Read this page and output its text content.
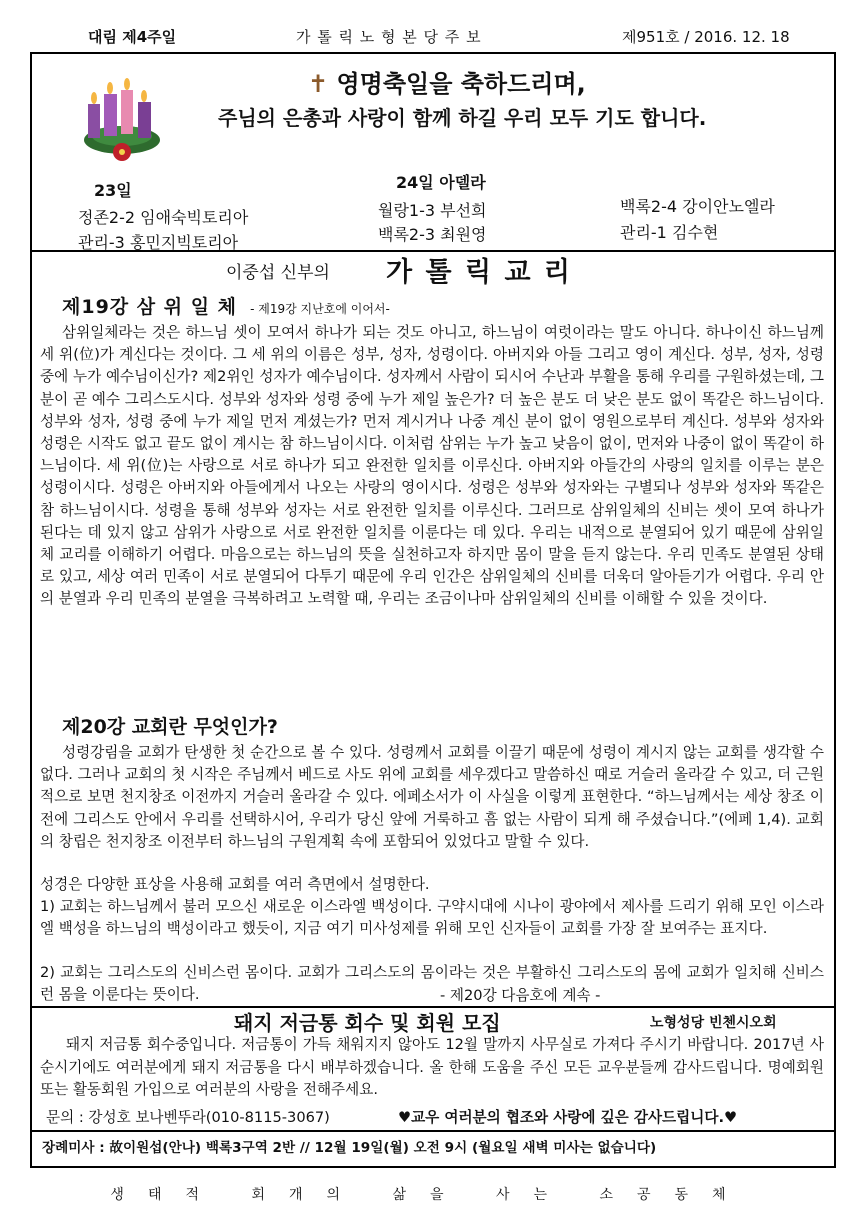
대림 제4주일	가 톨 릭 노 형 본 당 주 보	제951호 / 2016. 12. 18
✝ 영명축일을 축하드리며,
주님의 은총과 사랑이 함께 하길 우리 모두 기도 합니다.
23일
정존2-2 임애숙빅토리아
관리-3 홍민지빅토리아
24일 아델라
월랑1-3 부선희
백록2-3 최원영
백록2-4 강이안노엘라
관리-1 김수현
이중섭 신부의 가 톨 릭 교 리
제19강 삼 위 일 체 - 제19강 지난호에 이어서-

삼위일체라는 것은 하느님 셋이 모여서 하나가 되는 것도 아니고, 하느님이 여럿이라는 말도 아니다. 하나이신 하느님께 세 위(位)가 계신다는 것이다. 그 세 위의 이름은 성부, 성자, 성령이다. 아버지와 아들 그리고 영이 계신다. 성부, 성자, 성령 중에 누가 예수님이신가? 제2위인 성자가 예수님이다. 성자께서 사람이 되시어 수난과 부활을 통해 우리를 구원하셨는데, 그분이 곧 예수 그리스도시다. 성부와 성자와 성령 중에 누가 제일 높은가? 더 높은 분도 더 낮은 분도 없이 똑같은 하느님이다. 성부와 성자, 성령 중에 누가 제일 먼저 계셨는가? 먼저 계시거나 나중 계신 분이 없이 영원으로부터 계신다. 성부와 성자와 성령은 시작도 없고 끝도 없이 계시는 참 하느님이시다. 이처럼 삼위는 누가 높고 낮음이 없이, 먼저와 나중이 없이 똑같이 하느님이다. 세 위(位)는 사랑으로 서로 하나가 되고 완전한 일치를 이루신다. 아버지와 아들간의 사랑의 일치를 이루는 분은 성령이시다. 성령은 아버지와 아들에게서 나오는 사랑의 영이시다. 성령은 성부와 성자와는 구별되나 성부와 성자와 똑같은 참 하느님이시다. 성령을 통해 성부와 성자는 서로 완전한 일치를 이루신다. 그러므로 삼위일체의 신비는 셋이 모여 하나가 된다는 데 있지 않고 삼위가 사랑으로 서로 완전한 일치를 이룬다는 데 있다. 우리는 내적으로 분열되어 있기 때문에 삼위일체 교리를 이해하기 어렵다. 마음으로는 하느님의 뜻을 실천하고자 하지만 몸이 말을 듣지 않는다. 우리 민족도 분열된 상태로 있고, 세상 여러 민족이 서로 분열되어 다투기 때문에 우리 인간은 삼위일체의 신비를 더욱더 알아듣기가 어렵다. 우리 안의 분열과 우리 민족의 분열을 극복하려고 노력할 때, 우리는 조금이나마 삼위일체의 신비를 이해할 수 있을 것이다.

제20강 교회란 무엇인가?

성령강림을 교회가 탄생한 첫 순간으로 볼 수 있다. 성령께서 교회를 이끌기 때문에 성령이 계시지 않는 교회를 생각할 수 없다. 그러나 교회의 첫 시작은 주님께서 베드로 사도 위에 교회를 세우겠다고 말씀하신 때로 거슬러 올라갈 수 있고, 더 근원적으로 보면 천지창조 이전까지 거슬러 올라갈 수 있다. 에페소서가 이 사실을 이렇게 표현한다. “하느님께서는 세상 창조 이전에 그리스도 안에서 우리를 선택하시어, 우리가 당신 앞에 거룩하고 흠 없는 사람이 되게 해 주셨습니다.”(에페 1,4). 교회의 창립은 천지창조 이전부터 하느님의 구원계획 속에 포함되어 있었다고 말할 수 있다.

성경은 다양한 표상을 사용해 교회를 여러 측면에서 설명한다.

1) 교회는 하느님께서 불러 모으신 새로운 이스라엘 백성이다. 구약시대에 시나이 광야에서 제사를 드리기 위해 모인 이스라엘 백성을 하느님의 백성이라고 했듯이, 지금 여기 미사성제를 위해 모인 신자들이 교회를 가장 잘 보여주는 표지다.

2) 교회는 그리스도의 신비스런 몸이다. 교회가 그리스도의 몸이라는 것은 부활하신 그리스도의 몸에 교회가 일치해 신비스런 몸을 이룬다는 뜻이다.	- 제20강 다음호에 계속 -
돼지 저금통 회수 및 회원 모집	노형성당 빈첸시오회

돼지 저금통 회수중입니다. 저금통이 가득 채워지지 않아도 12월 말까지 사무실로 가져다 주시기 바랍니다. 2017년 사순시기에도 여러분에게 돼지 저금통을 다시 배부하겠습니다. 올 한해 도움을 주신 모든 교우분들께 감사드립니다. 명예회원 또는 활동회원 가입으로 여러분의 사랑을 전해주세요.

문의 : 강성호 보나벤뚜라(010-8115-3067)	♥교우 여러분의 협조와 사랑에 깊은 감사드립니다.♥
장례미사 : 故이원섭(안나) 백록3구역 2반 // 12월 19일(월) 오전 9시 (월요일 새벽 미사는 없습니다)
생태적 회개의 삶을 사는 소공동체
